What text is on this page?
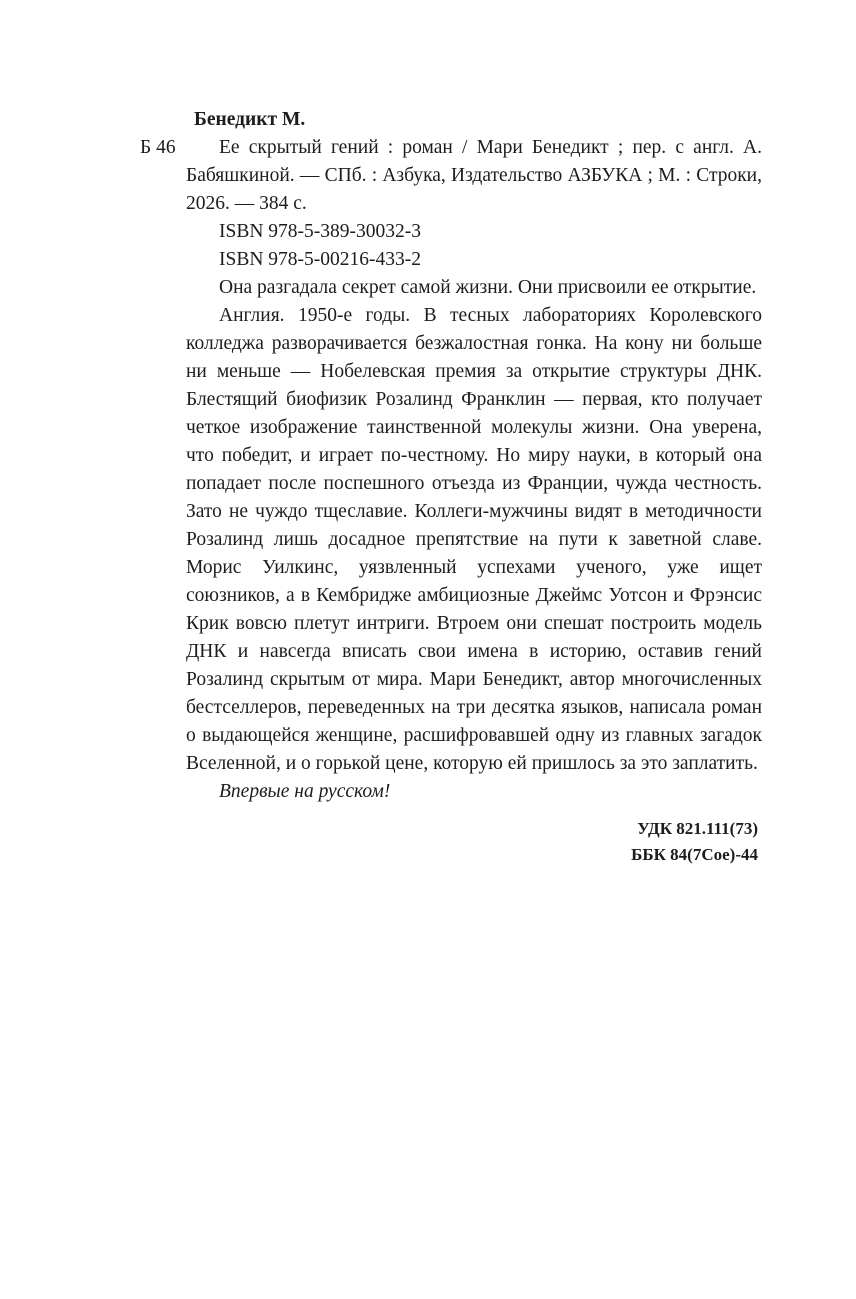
Бенедикт М.

Б 46 Ее скрытый гений : роман / Мари Бенедикт ; пер. с англ. А. Бабяшкиной. — СПб. : Азбука, Издательство АЗБУКА ; М. : Строки, 2026. — 384 с.

ISBN 978-5-389-30032-3

ISBN 978-5-00216-433-2

Она разгадала секрет самой жизни. Они присвоили ее открытие.

Англия. 1950-е годы. В тесных лабораториях Королевского колледжа разворачивается безжалостная гонка. На кону ни больше ни меньше — Нобелевская премия за открытие структуры ДНК. Блестящий биофизик Розалинд Франклин — первая, кто получает четкое изображение таинственной молекулы жизни. Она уверена, что победит, и играет по-честному. Но миру науки, в который она попадает после поспешного отъезда из Франции, чужда честность. Зато не чуждо тщеславие. Коллеги-мужчины видят в методичности Розалинд лишь досадное препятствие на пути к заветной славе. Морис Уилкинс, уязвленный успехами ученого, уже ищет союзников, а в Кембридже амбициозные Джеймс Уотсон и Фрэнсис Крик вовсю плетут интриги. Втроем они спешат построить модель ДНК и навсегда вписать свои имена в историю, оставив гений Розалинд скрытым от мира. Мари Бенедикт, автор многочисленных бестселлеров, переведенных на три десятка языков, написала роман о выдающейся женщине, расшифровавшей одну из главных загадок Вселенной, и о горькой цене, которую ей пришлось за это заплатить.

Впервые на русском!

УДК 821.111(73)

ББК 84(7Сое)-44
